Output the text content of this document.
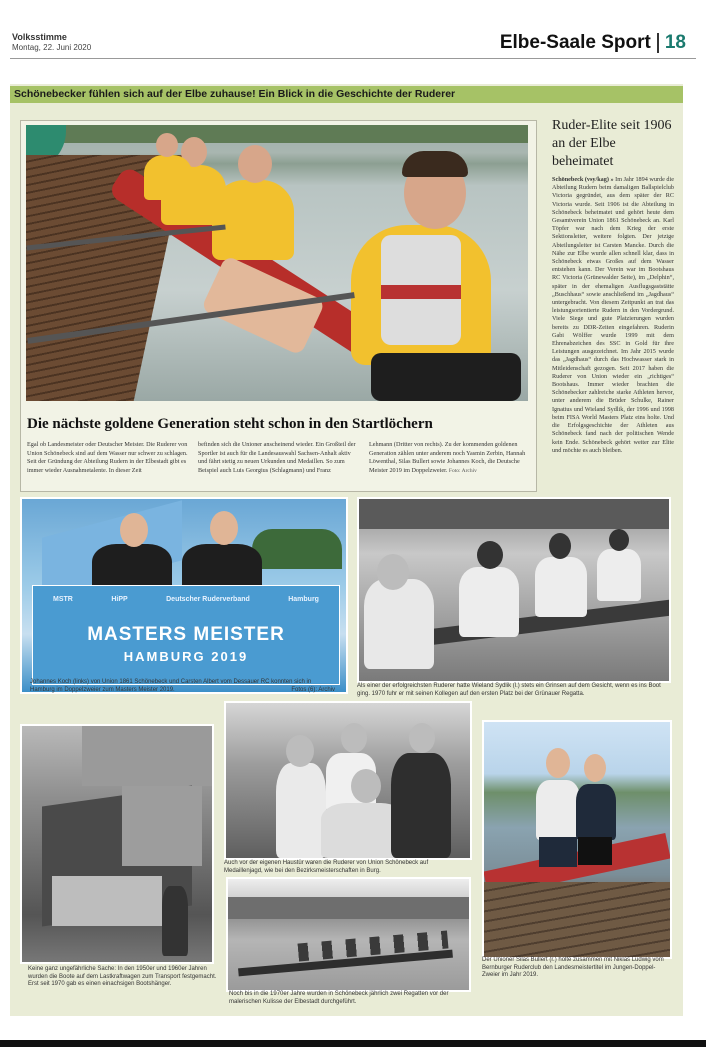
Volksstimme
Montag, 22. Juni 2020	Elbe-Saale Sport 18
Schönebecker fühlen sich auf der Elbe zuhause! Ein Blick in die Geschichte der Ruderer
Die nächste goldene Generation steht schon in den Startlöchern
Egal ob Landesmeister oder Deutscher Meister. Die Ruderer von Union Schönebeck sind auf dem Wasser nur schwer zu schlagen. Seit der Gründung der Abteilung Rudern in der Elbestadt gibt es immer wieder Ausnahmetalente. In dieser Zeit
befinden sich die Unioner anscheinend wieder. Ein Großteil der Sportler ist auch für die Landesauswahl Sachsen-Anhalt aktiv und fährt stetig zu neuen Urkunden und Medaillen. So zum Beispiel auch Luis Georgius (Schlagmann) und Franz
Lehmann (Dritter von rechts). Zu der kommenden goldenen Generation zählen unter anderem noch Yasmin Zerbin, Hannah Löwenthal, Silas Bullert sowie Johannes Koch, die Deutsche Meister 2019 im Doppelzweier. Foto: Archiv
Ruder-Elite seit 1906 an der Elbe beheimatet
Schönebeck (vsy/kag) » Im Jahr 1894 wurde die Abteilung Rudern beim damaligen Ballspielclub Victoria gegründet, aus dem später der RC Victoria wurde. Seit 1906 ist die Abteilung in Schönebeck beheimatet und gehört heute dem Gesamtverein Union 1861 Schönebeck an. Karl Töpfer war nach dem Krieg der erste Sektionsleiter, weitere folgten. Der jetzige Abteilungsleiter ist Carsten Mancke. Durch die Nähe zur Elbe wurde allen schnell klar, dass in Schönebeck etwas Großes auf dem Wasser entstehen kann. Der Verein war im Bootshaus RC Victoria (Grünewalder Seite), im „Delphin“, später in der ehemaligen Ausflugsgaststätte „Buschhaus“ sowie anschließend im „Jagdhaus“ untergebracht. Von diesem Zeitpunkt an trat das leistungsorientierte Rudern in den Vordergrund. Viele Siege und gute Platzierungen wurden bereits zu DDR-Zeiten eingefahren. Ruderin Gabi Wölffer wurde 1999 mit dem Ehrenabzeichen des SSC in Gold für ihre Leistungen ausgezeichnet. Im Jahr 2015 wurde das „Jagdhaus“ durch das Hochwasser stark in Mitleidenschaft gezogen. Seit 2017 haben die Ruderer von Union wieder ein „richtiges“ Bootshaus. Immer wieder brachten die Schönebecker zahlreiche starke Athleten hervor, unter anderem die Brüder Schulke, Rainer Ignatius und Wieland Sydlik, der 1996 und 1998 beim FISA World Masters Platz eins holte. Und die Erfolgsgeschichte der Athleten aus Schönebeck fand nach der politischen Wende kein Ende. Schönebeck gehört weiter zur Elite und möchte es auch bleiben.
MSTR	HiPP	Deutscher Ruderverband	Hamburg
MASTERS MEISTER
HAMBURG 2019
Johannes Koch (links) von Union 1861 Schönebeck und Carsten Albert vom Dessauer RC konnten sich in Hamburg im Doppelzweier zum Masters Meister 2019.	Fotos (6): Archiv
Als einer der erfolgreichsten Ruderer hatte Wieland Sydlik (l.) stets ein Grinsen auf dem Gesicht, wenn es ins Boot ging. 1970 fuhr er mit seinen Kollegen auf den ersten Platz bei der Grünauer Regatta.
Keine ganz ungefährliche Sache: In den 1950er und 1960er Jahren wurden die Boote auf dem Lastkraftwagen zum Transport festgemacht. Erst seit 1970 gab es einen einachsigen Bootshänger.
Auch vor der eigenen Haustür waren die Ruderer von Union Schönebeck auf Medaillenjagd, wie bei den Bezirksmeisterschaften in Burg.
Noch bis in die 1970er Jahre wurden in Schönebeck jährlich zwei Regatten vor der malerischen Kulisse der Elbestadt durchgeführt.
Der Unioner Silas Bullert (r.) holte zusammen mit Niklas Ludwig vom Bernburger Ruderclub den Landesmeistertitel im Jungen-Doppel-Zweier im Jahr 2019.
